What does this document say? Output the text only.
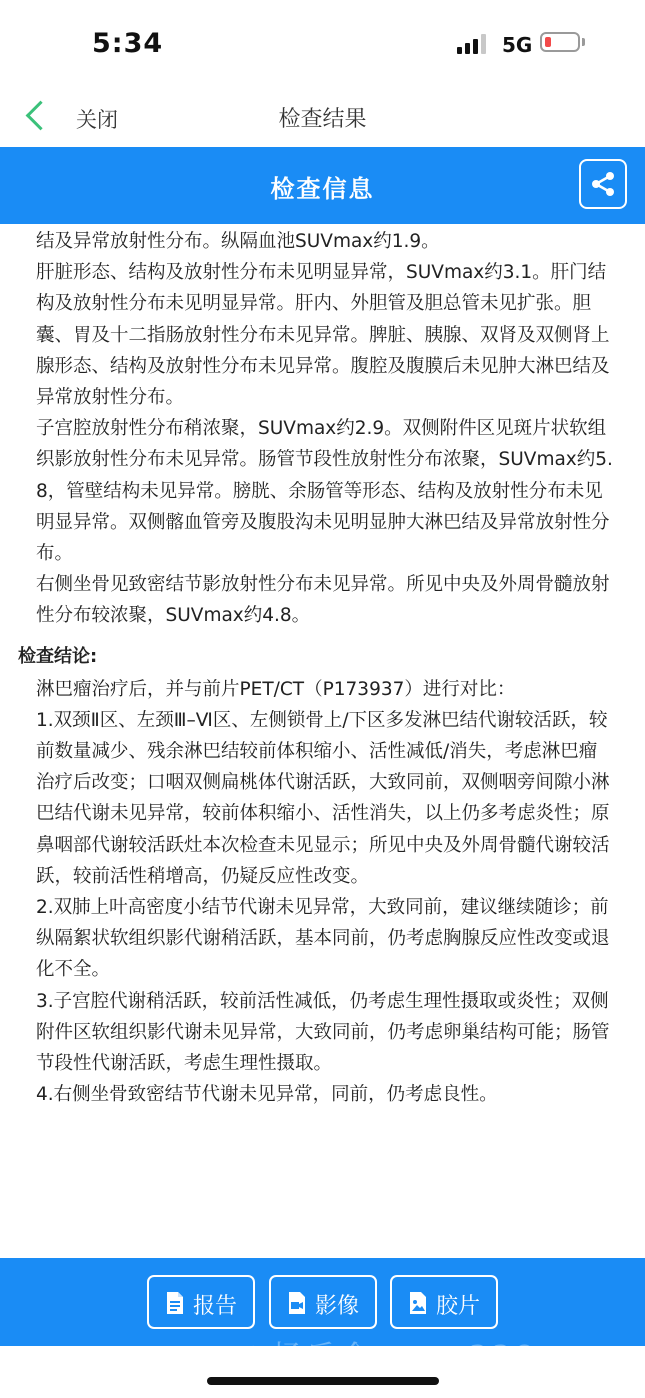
5:34	5G
关闭	检查结果
检查信息

结及异常放射性分布。纵隔血池SUVmax约1.9。

肝脏形态、结构及放射性分布未见明显异常，SUVmax约3.1。肝门结构及放射性分布未见明显异常。肝内、外胆管及胆总管未见扩张。胆囊、胃及十二指肠放射性分布未见异常。脾脏、胰腺、双肾及双侧肾上腺形态、结构及放射性分布未见异常。腹腔及腹膜后未见肿大淋巴结及异常放射性分布。

子宫腔放射性分布稍浓聚，SUVmax约2.9。双侧附件区见斑片状软组织影放射性分布未见异常。肠管节段性放射性分布浓聚，SUVmax约5.8，管壁结构未见异常。膀胱、余肠管等形态、结构及放射性分布未见明显异常。双侧髂血管旁及腹股沟未见明显肿大淋巴结及异常放射性分布。

右侧坐骨见致密结节影放射性分布未见异常。所见中央及外周骨髓放射性分布较浓聚，SUVmax约4.8。

检查结论:

淋巴瘤治疗后，并与前片PET/CT（P173937）进行对比：

1.双颈Ⅱ区、左颈Ⅲ–Ⅵ区、左侧锁骨上/下区多发淋巴结代谢较活跃，较前数量减少、残余淋巴结较前体积缩小、活性减低/消失，考虑淋巴瘤治疗后改变；口咽双侧扁桃体代谢活跃，大致同前，双侧咽旁间隙小淋巴结代谢未见异常，较前体积缩小、活性消失，以上仍多考虑炎性；原鼻咽部代谢较活跃灶本次检查未见显示；所见中央及外周骨髓代谢较活跃，较前活性稍增高，仍疑反应性改变。

2.双肺上叶高密度小结节代谢未见异常，大致同前，建议继续随诊；前纵隔絮状软组织影代谢稍活跃，基本同前，仍考虑胸腺反应性改变或退化不全。

3.子宫腔代谢稍活跃，较前活性减低，仍考虑生理性摄取或炎性；双侧附件区软组织影代谢未见异常，大致同前，仍考虑卵巢结构可能；肠管节段性代谢活跃，考虑生理性摄取。

4.右侧坐骨致密结节代谢未见异常，同前，仍考虑良性。

报告	影像	胶片
